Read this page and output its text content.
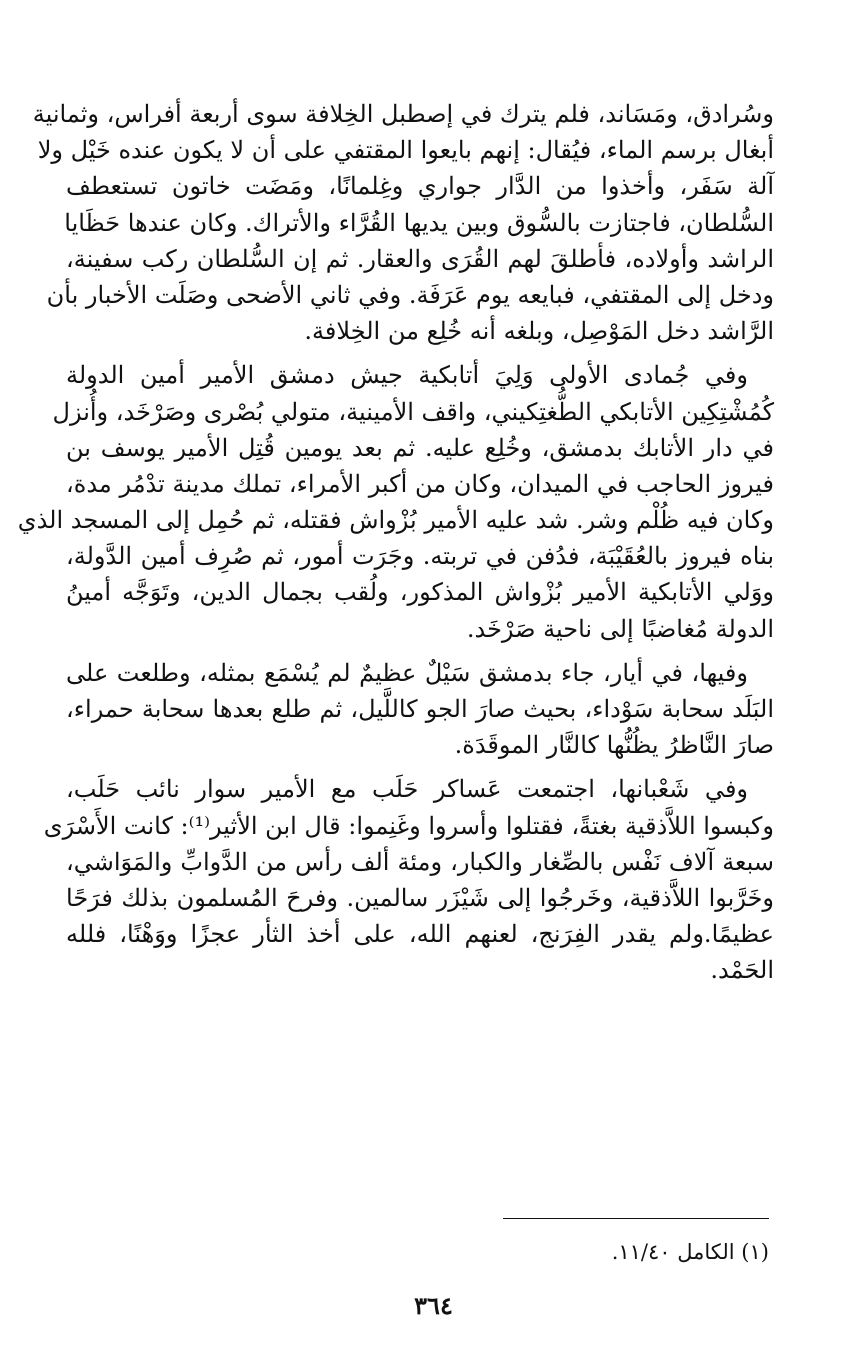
وسُرادق، ومَسَاند، فلم يترك في إصطبل الخِلافة سوى أربعة أفراس، وثمانية
أبغال برسم الماء، فيُقال: إنهم بايعوا المقتفي على أن لا يكون عنده خَيْل ولا
آلة سَفَر، وأخذوا من الدَّار جواري وغِلمانًا، ومَضَت خاتون تستعطف
السُّلطان، فاجتازت بالسُّوق وبين يديها القُرَّاء والأتراك. وكان عندها حَظَايا
الراشد وأولاده، فأطلقَ لهم القُرَى والعقار. ثم إن السُّلطان ركب سفينة،
ودخل إلى المقتفي، فبايعه يوم عَرَفَة. وفي ثاني الأضحى وصَلَت الأخبار بأن
الرَّاشد دخل المَوْصِل، وبلغه أنه خُلِع من الخِلافة.

وفي جُمادى الأولى وَلِيَ أتابكية جيش دمشق الأمير أمين الدولة
كُمُشْتِكِين الأتابكي الطُّغتِكيني، واقف الأمينية، متولي بُصْرى وصَرْخَد، وأُنزل
في دار الأتابك بدمشق، وخُلِع عليه. ثم بعد يومين قُتِل الأمير يوسف بن
فيروز الحاجب في الميدان، وكان من أكبر الأمراء، تملك مدينة تدْمُر مدة،
وكان فيه ظُلْم وشر. شد عليه الأمير بُزْواش فقتله، ثم حُمِل إلى المسجد الذي
بناه فيروز بالعُقَيْبَة، فدُفن في تربته. وجَرَت أمور، ثم صُرِف أمين الدَّولة،
ووَلي الأتابكية الأمير بُزْواش المذكور، ولُقب بجمال الدين، وتَوَجَّه أمينُ
الدولة مُغاضبًا إلى ناحية صَرْخَد.

وفيها، في أيار، جاء بدمشق سَيْلٌ عظيمٌ لم يُسْمَع بمثله، وطلعت على
البَلَد سحابة سَوْداء، بحيث صارَ الجو كاللَّيل، ثم طلع بعدها سحابة حمراء،
صارَ النَّاظرُ يظُنُّها كالنَّار الموقَدَة.

وفي شَعْبانها، اجتمعت عَساكر حَلَب مع الأمير سوار نائب حَلَب،
وكبسوا اللاَّذقية بغتةً، فقتلوا وأسروا وغَنِموا: قال ابن الأثير⁽¹⁾: كانت الأَسْرَى
سبعة آلاف نَفْس بالصِّغار والكبار، ومئة ألف رأس من الدَّوابِّ والمَوَاشي،
وخَرَّبوا اللاَّذقية، وخَرجُوا إلى شَيْزَر سالمين. وفرحَ المُسلمون بذلك فرَحًا
عظيمًا.ولم يقدر الفِرَنج، لعنهم الله، على أخذ الثأر عجزًا ووَهْنًا، فلله
الحَمْد.

(١) الكامل ١١/٤٠.
٣٦٤
